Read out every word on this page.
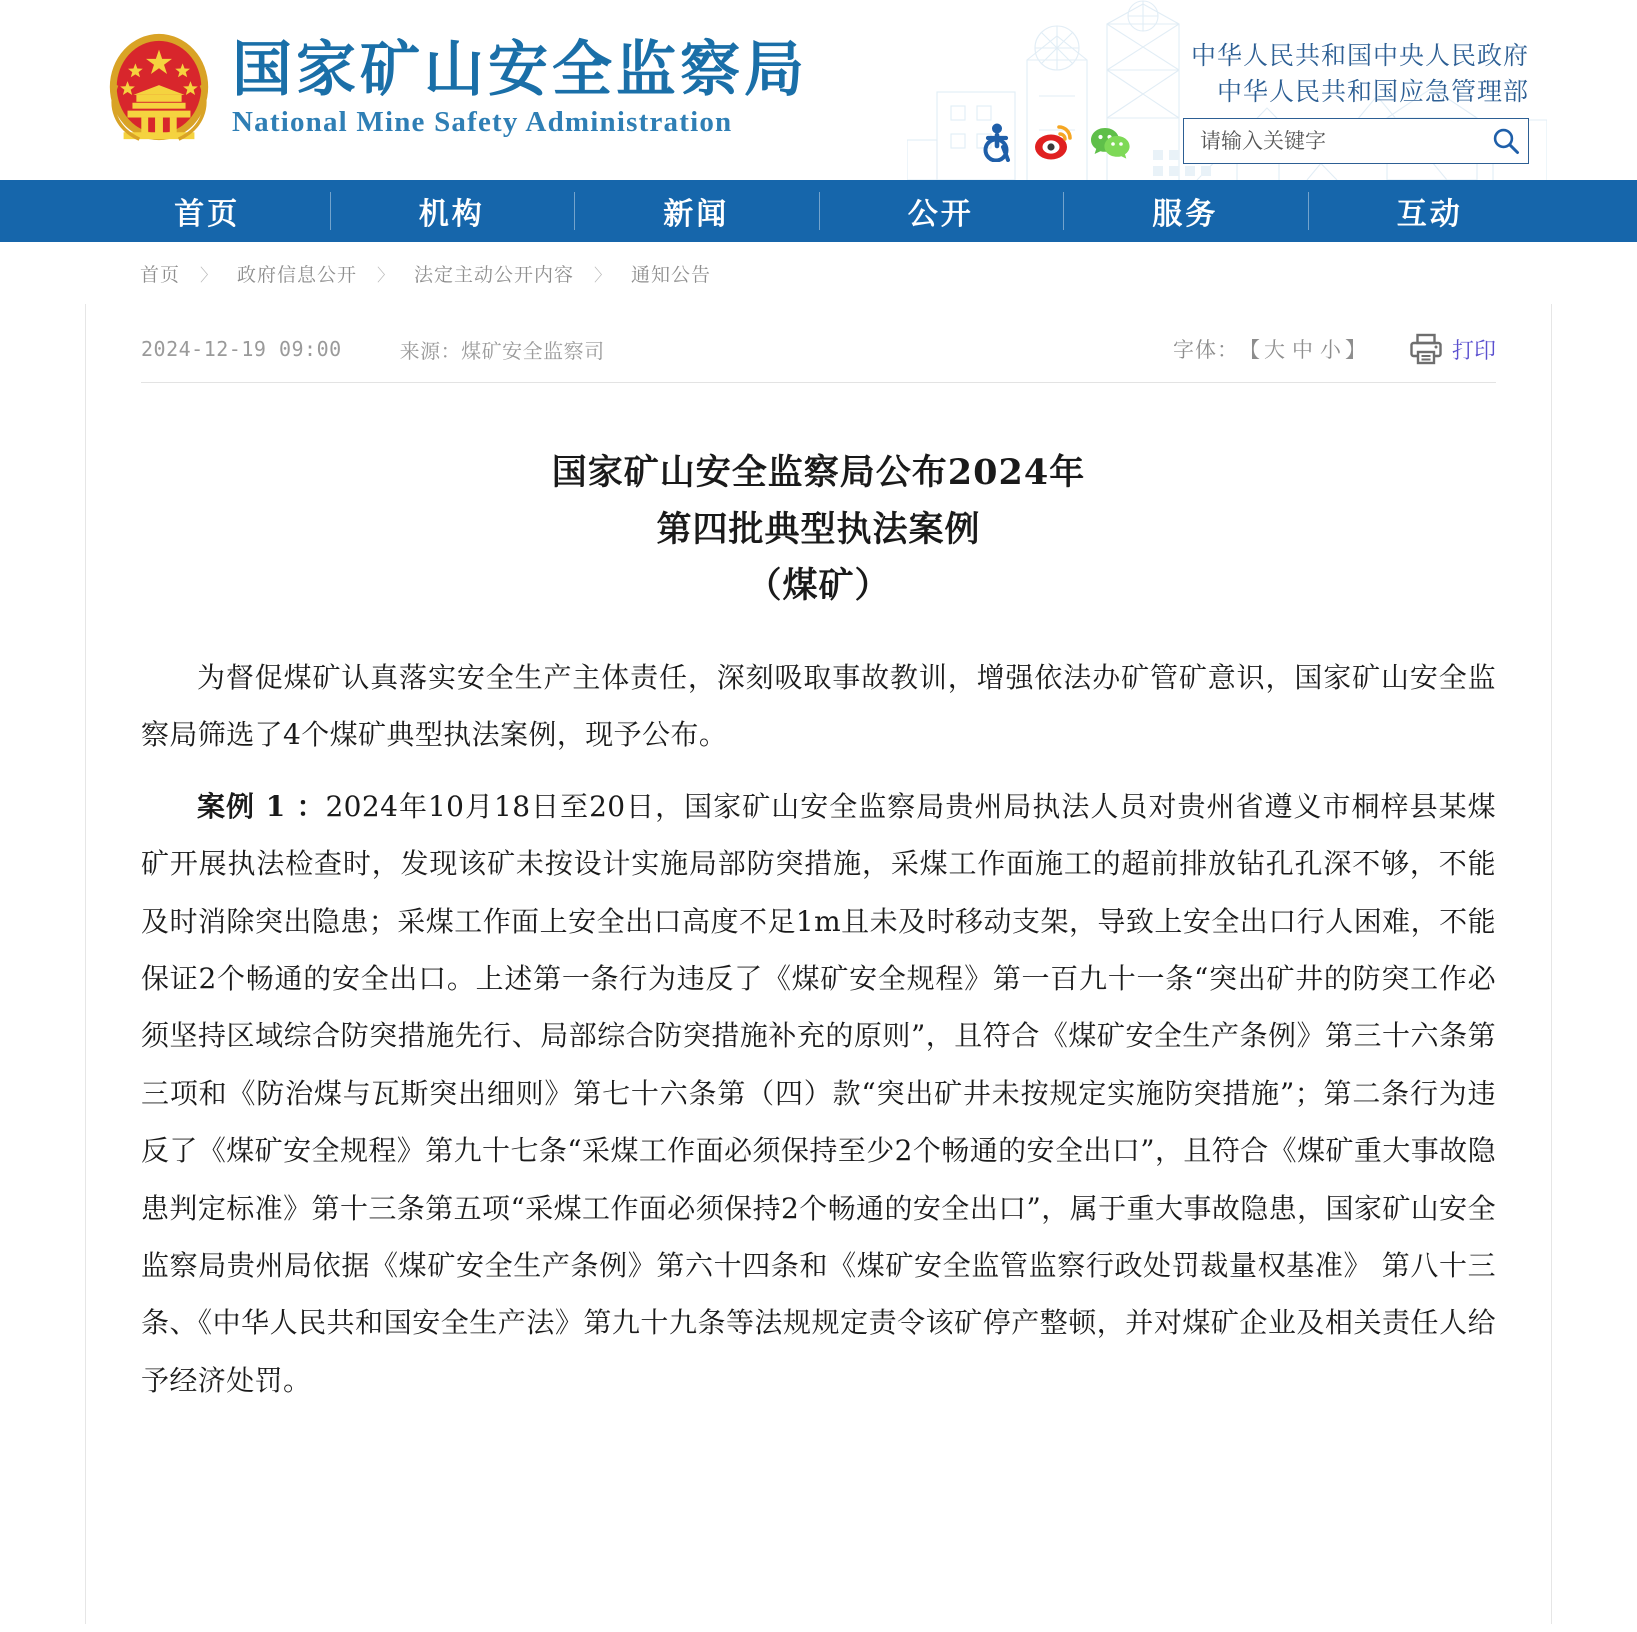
国家矿山安全监察局
National Mine Safety Administration
中华人民共和国中央人民政府
中华人民共和国应急管理部
请输入关键字
首页	机构	新闻	公开	服务	互动
首页 〉 政府信息公开 〉 法定主动公开内容 〉 通知公告
2024-12-19 09:00	来源：煤矿安全监察司	字体： 【 大 中 小 】	打印
国家矿山安全监察局公布2024年
第四批典型执法案例
（煤矿）

为督促煤矿认真落实安全生产主体责任，深刻吸取事故教训，增强依法办矿管矿意识，国家矿山安全监察局筛选了4个煤矿典型执法案例，现予公布。

案例 1 ：2024年10月18日至20日，国家矿山安全监察局贵州局执法人员对贵州省遵义市桐梓县某煤矿开展执法检查时，发现该矿未按设计实施局部防突措施，采煤工作面施工的超前排放钻孔孔深不够，不能及时消除突出隐患；采煤工作面上安全出口高度不足1m且未及时移动支架，导致上安全出口行人困难，不能保证2个畅通的安全出口。上述第一条行为违反了《煤矿安全规程》第一百九十一条“突出矿井的防突工作必须坚持区域综合防突措施先行、局部综合防突措施补充的原则”，且符合《煤矿安全生产条例》第三十六条第三项和《防治煤与瓦斯突出细则》第七十六条第（四）款“突出矿井未按规定实施防突措施”；第二条行为违反了《煤矿安全规程》第九十七条“采煤工作面必须保持至少2个畅通的安全出口”，且符合《煤矿重大事故隐患判定标准》第十三条第五项“采煤工作面必须保持2个畅通的安全出口”，属于重大事故隐患，国家矿山安全监察局贵州局依据《煤矿安全生产条例》第六十四条和《煤矿安全监管监察行政处罚裁量权基准》 第八十三条、《中华人民共和国安全生产法》第九十九条等法规规定责令该矿停产整顿，并对煤矿企业及相关责任人给予经济处罚。
